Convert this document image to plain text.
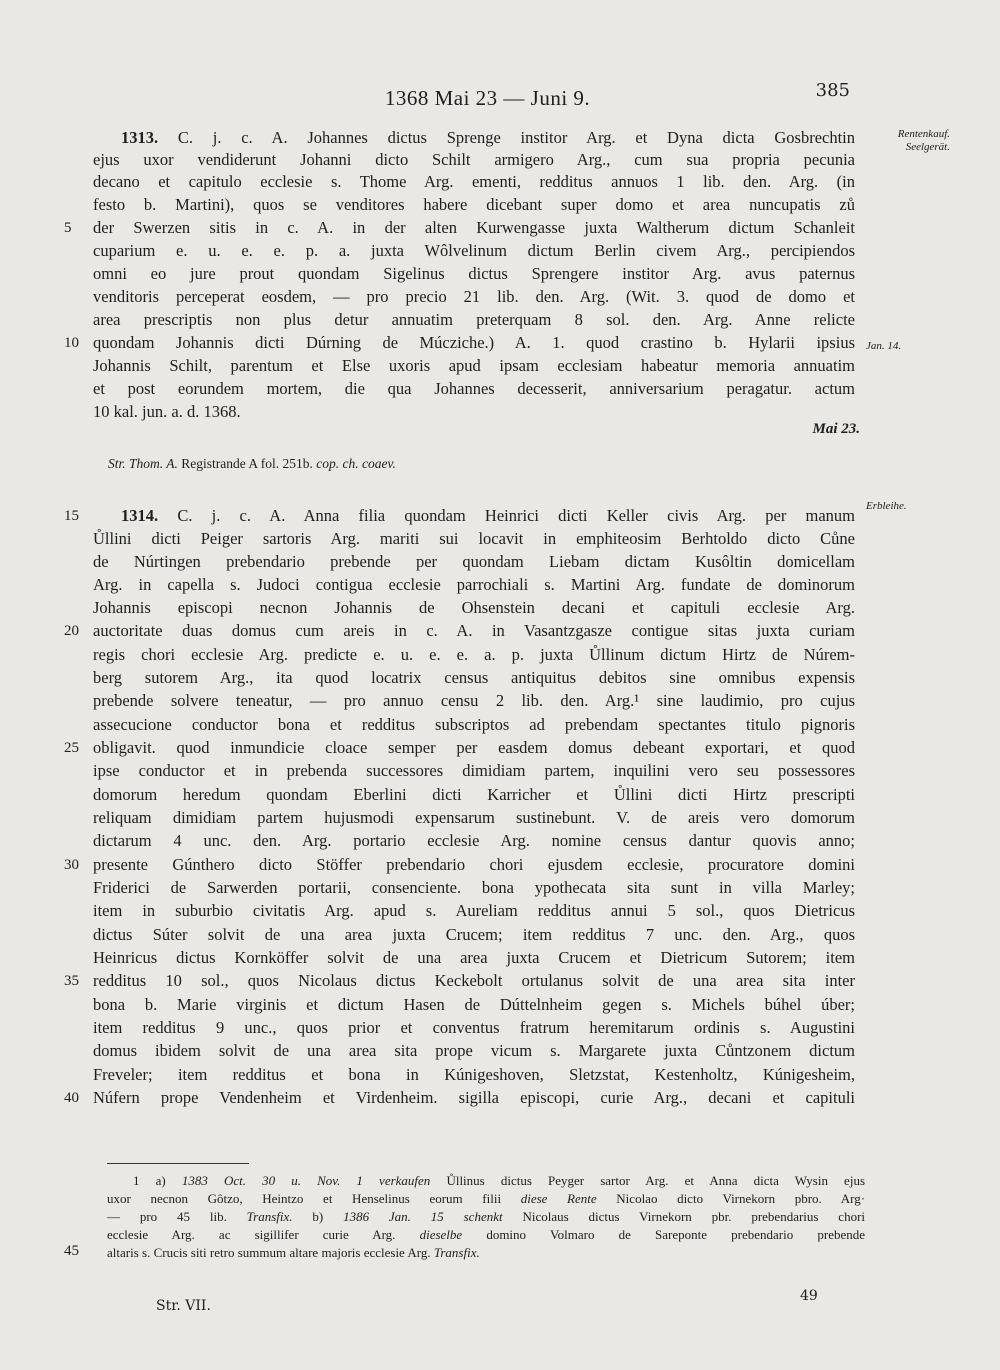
1368 Mai 23 — Juni 9.	385
1313. C. j. c. A. Johannes dictus Sprenge institor Arg. et Dyna dicta Gosbrechtin
ejus uxor vendiderunt Johanni dicto Schilt armigero Arg., cum sua propria pecunia
decano et capitulo ecclesie s. Thome Arg. ementi, redditus annuos 1 lib. den. Arg. (in
festo b. Martini), quos se venditores habere dicebant super domo et area nuncupatis zů
der Swerzen sitis in c. A. in der alten Kurwengasse juxta Waltherum dictum Schanleit
cuparium e. u. e. e. p. a. juxta Wôlvelinum dictum Berlin civem Arg., percipiendos
omni eo jure prout quondam Sigelinus dictus Sprengere institor Arg. avus paternus
venditoris perceperat eosdem, — pro precio 21 lib. den. Arg. (Wit. 3. quod de domo et
area prescriptis non plus detur annuatim preterquam 8 sol. den. Arg. Anne relicte
quondam Johannis dicti Dúrning de Múcziche.) A. 1. quod crastino b. Hylarii ipsius
Johannis Schilt, parentum et Else uxoris apud ipsam ecclesiam habeatur memoria annuatim
et post eorundem mortem, die qua Johannes decesserit, anniversarium peragatur. actum
10 kal. jun. a. d. 1368.
Rentenkauf.
Seelgerät.
Jan. 14.
Mai 23.
Str. Thom. A. Registrande A fol. 251b. cop. ch. coaev.
1314. C. j. c. A. Anna filia quondam Heinrici dicti Keller civis Arg. per manum
Ůllini dicti Peiger sartoris Arg. mariti sui locavit in emphiteosim Berhtoldo dicto Cůne
de Núrtingen prebendario prebende per quondam Liebam dictam Kusôltin domicellam
Arg. in capella s. Judoci contigua ecclesie parrochiali s. Martini Arg. fundate de dominorum
Johannis episcopi necnon Johannis de Ohsenstein decani et capituli ecclesie Arg.
auctoritate duas domus cum areis in c. A. in Vasantzgasze contigue sitas juxta curiam
regis chori ecclesie Arg. predicte e. u. e. e. a. p. juxta Ůllinum dictum Hirtz de Núrem-
berg sutorem Arg., ita quod locatrix census antiquitus debitos sine omnibus expensis
prebende solvere teneatur, — pro annuo censu 2 lib. den. Arg.¹ sine laudimio, pro cujus
assecucione conductor bona et redditus subscriptos ad prebendam spectantes titulo pignoris
obligavit. quod inmundicie cloace semper per easdem domus debeant exportari, et quod
ipse conductor et in prebenda successores dimidiam partem, inquilini vero seu possessores
domorum heredum quondam Eberlini dicti Karricher et Ůllini dicti Hirtz prescripti
reliquam dimidiam partem hujusmodi expensarum sustinebunt. V. de areis vero domorum
dictarum 4 unc. den. Arg. portario ecclesie Arg. nomine census dantur quovis anno;
presente Gúnthero dicto Stöffer prebendario chori ejusdem ecclesie, procuratore domini
Friderici de Sarwerden portarii, consenciente. bona ypothecata sita sunt in villa Marley;
item in suburbio civitatis Arg. apud s. Aureliam redditus annui 5 sol., quos Dietricus
dictus Súter solvit de una area juxta Crucem; item redditus 7 unc. den. Arg., quos
Heinricus dictus Kornköffer solvit de una area juxta Crucem et Dietricum Sutorem; item
redditus 10 sol., quos Nicolaus dictus Keckebolt ortulanus solvit de una area sita inter
bona b. Marie virginis et dictum Hasen de Dúttelnheim gegen s. Michels búhel úber;
item redditus 9 unc., quos prior et conventus fratrum heremitarum ordinis s. Augustini
domus ibidem solvit de una area sita prope vicum s. Margarete juxta Cůntzonem dictum
Freveler; item redditus et bona in Kúnigeshoven, Sletzstat, Kestenholtz, Kúnigesheim,
Núfern prope Vendenheim et Virdenheim. sigilla episcopi, curie Arg., decani et capituli
Erbleihe.
5
10
15
20
25
30
35
40
45
1 a) 1383 Oct. 30 u. Nov. 1 verkaufen Ůllinus dictus Peyger sartor Arg. et Anna dicta Wysin ejus
uxor necnon Gôtzo, Heintzo et Henselinus eorum filii diese Rente Nicolao dicto Virnekorn pbro. Arg·
— pro 45 lib. Transfix. b) 1386 Jan. 15 schenkt Nicolaus dictus Virnekorn pbr. prebendarius chori
ecclesie Arg. ac sigillifer curie Arg. dieselbe domino Volmaro de Sareponte prebendario prebende
altaris s. Crucis siti retro summum altare majoris ecclesie Arg. Transfix.
Str. VII.
49
